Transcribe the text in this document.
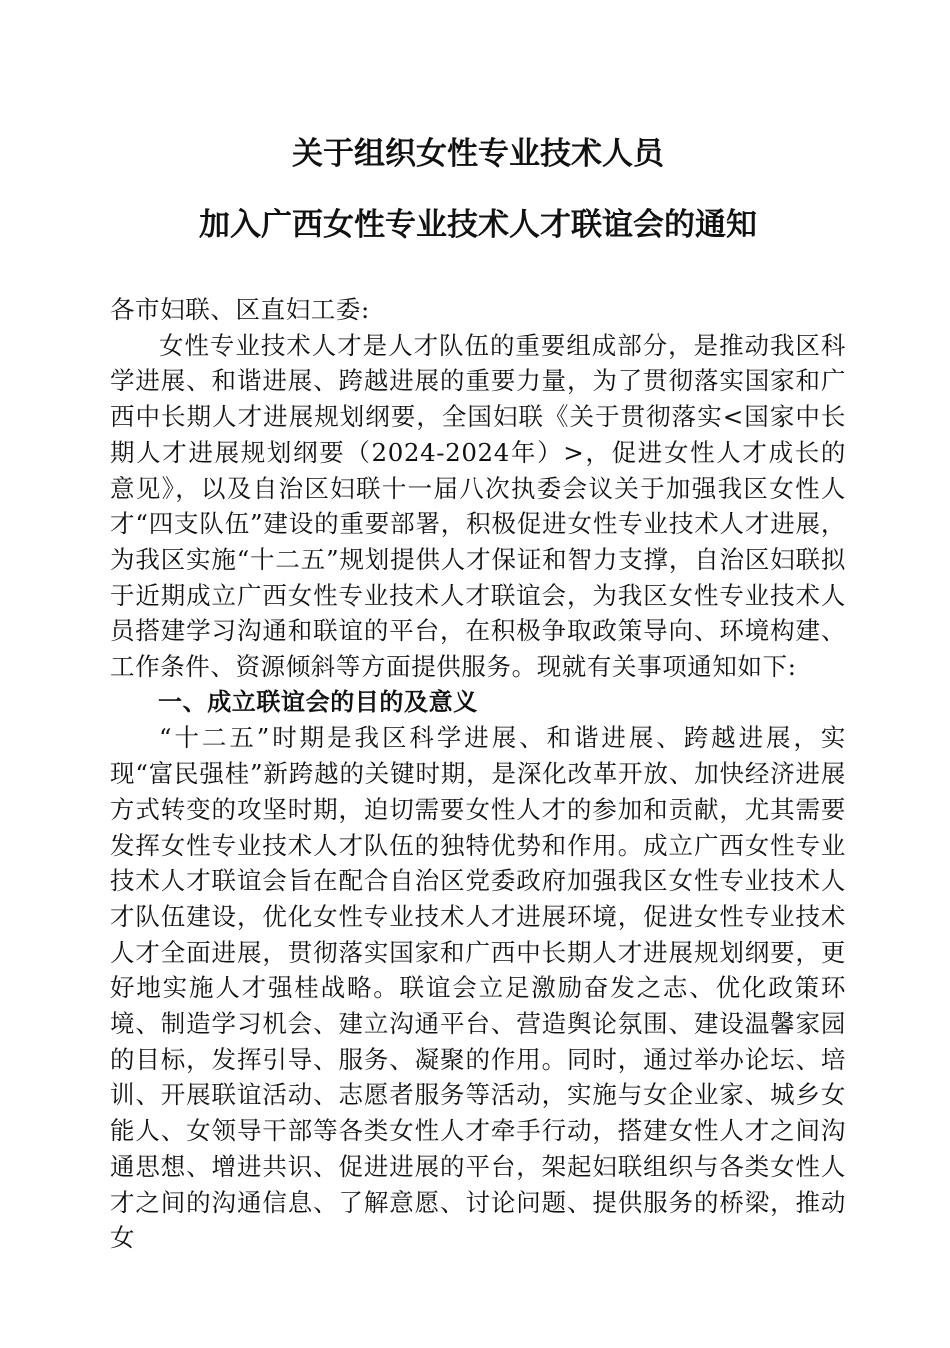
关于组织女性专业技术人员
加入广西女性专业技术人才联谊会的通知

各市妇联、区直妇工委:

女性专业技术人才是人才队伍的重要组成部分，是推动我区科学进展、和谐进展、跨越进展的重要力量，为了贯彻落实国家和广西中长期人才进展规划纲要，全国妇联《关于贯彻落实<国家中长期人才进展规划纲要（2024-2024年）>，促进女性人才成长的意见》，以及自治区妇联十一届八次执委会议关于加强我区女性人才“四支队伍”建设的重要部署，积极促进女性专业技术人才进展，为我区实施“十二五”规划提供人才保证和智力支撑，自治区妇联拟于近期成立广西女性专业技术人才联谊会，为我区女性专业技术人员搭建学习沟通和联谊的平台，在积极争取政策导向、环境构建、工作条件、资源倾斜等方面提供服务。现就有关事项通知如下:

一、成立联谊会的目的及意义

“十二五”时期是我区科学进展、和谐进展、跨越进展，实现“富民强桂”新跨越的关键时期，是深化改革开放、加快经济进展方式转变的攻坚时期，迫切需要女性人才的参加和贡献，尤其需要发挥女性专业技术人才队伍的独特优势和作用。成立广西女性专业技术人才联谊会旨在配合自治区党委政府加强我区女性专业技术人才队伍建设，优化女性专业技术人才进展环境，促进女性专业技术人才全面进展，贯彻落实国家和广西中长期人才进展规划纲要，更好地实施人才强桂战略。联谊会立足激励奋发之志、优化政策环境、制造学习机会、建立沟通平台、营造舆论氛围、建设温馨家园的目标，发挥引导、服务、凝聚的作用。同时，通过举办论坛、培训、开展联谊活动、志愿者服务等活动，实施与女企业家、城乡女能人、女领导干部等各类女性人才牵手行动，搭建女性人才之间沟通思想、增进共识、促进进展的平台，架起妇联组织与各类女性人才之间的沟通信息、了解意愿、讨论问题、提供服务的桥梁，推动女
